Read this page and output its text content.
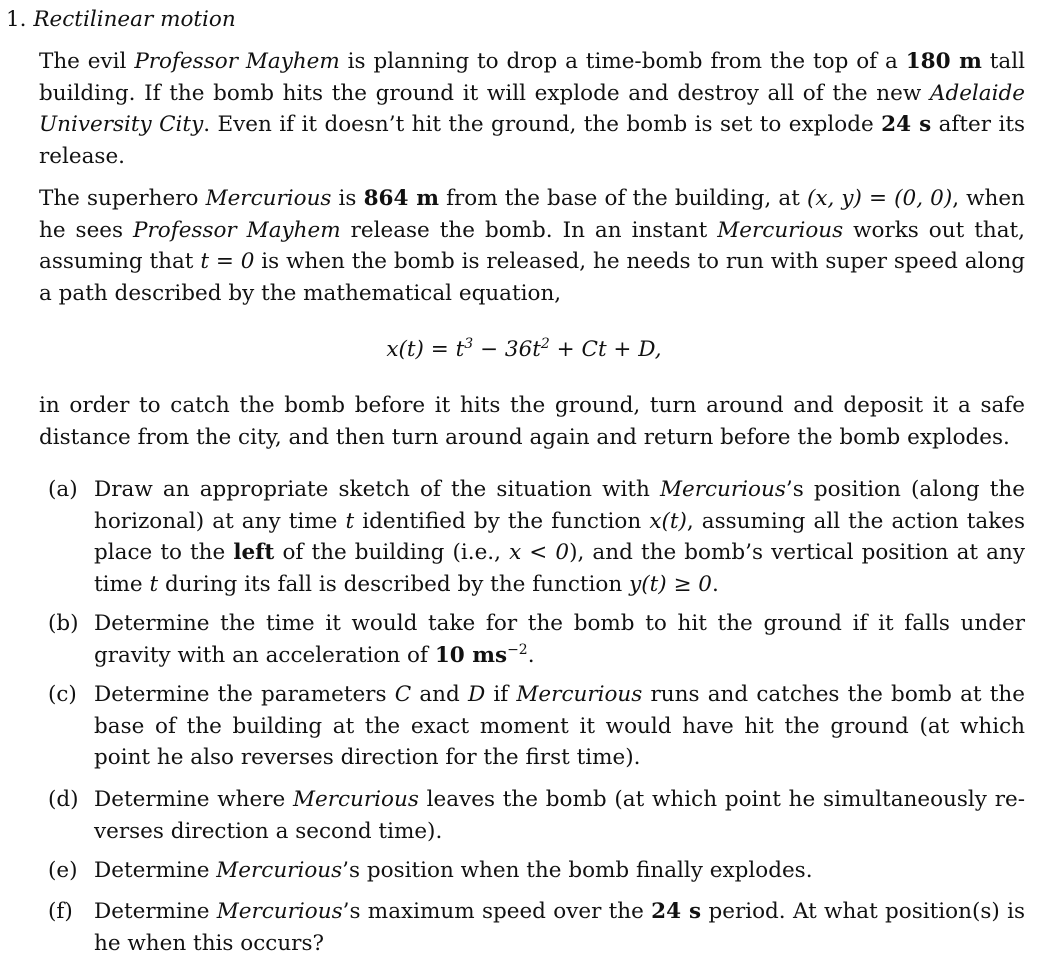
1. Rectilinear motion

The evil Professor Mayhem is planning to drop a time-bomb from the top of a 180 m tall building. If the bomb hits the ground it will explode and destroy all of the new Adelaide University City. Even if it doesn’t hit the ground, the bomb is set to explode 24 s after its release.

The superhero Mercurious is 864 m from the base of the building, at (x, y) = (0, 0), when he sees Professor Mayhem release the bomb. In an instant Mercurious works out that, assuming that t = 0 is when the bomb is released, he needs to run with super speed along a path described by the mathematical equation,

$x(t) = t^3 - 36t^2 + Ct + D$,

in order to catch the bomb before it hits the ground, turn around and deposit it a safe distance from the city, and then turn around again and return before the bomb explodes.

(a) Draw an appropriate sketch of the situation with Mercurious’s position (along the horizonal) at any time t identified by the function x(t), assuming all the action takes place to the left of the building (i.e., x < 0), and the bomb’s vertical position at any time t during its fall is described by the function y(t) ≥ 0.
(b) Determine the time it would take for the bomb to hit the ground if it falls under gravity with an acceleration of 10 $ms^{-2}$.
(c) Determine the parameters C and D if Mercurious runs and catches the bomb at the base of the building at the exact moment it would have hit the ground (at which point he also reverses direction for the first time).
(d) Determine where Mercurious leaves the bomb (at which point he simultaneously re-verses direction a second time).
(e) Determine Mercurious’s position when the bomb finally explodes.
(f) Determine Mercurious’s maximum speed over the 24 s period. At what position(s) is he when this occurs?
